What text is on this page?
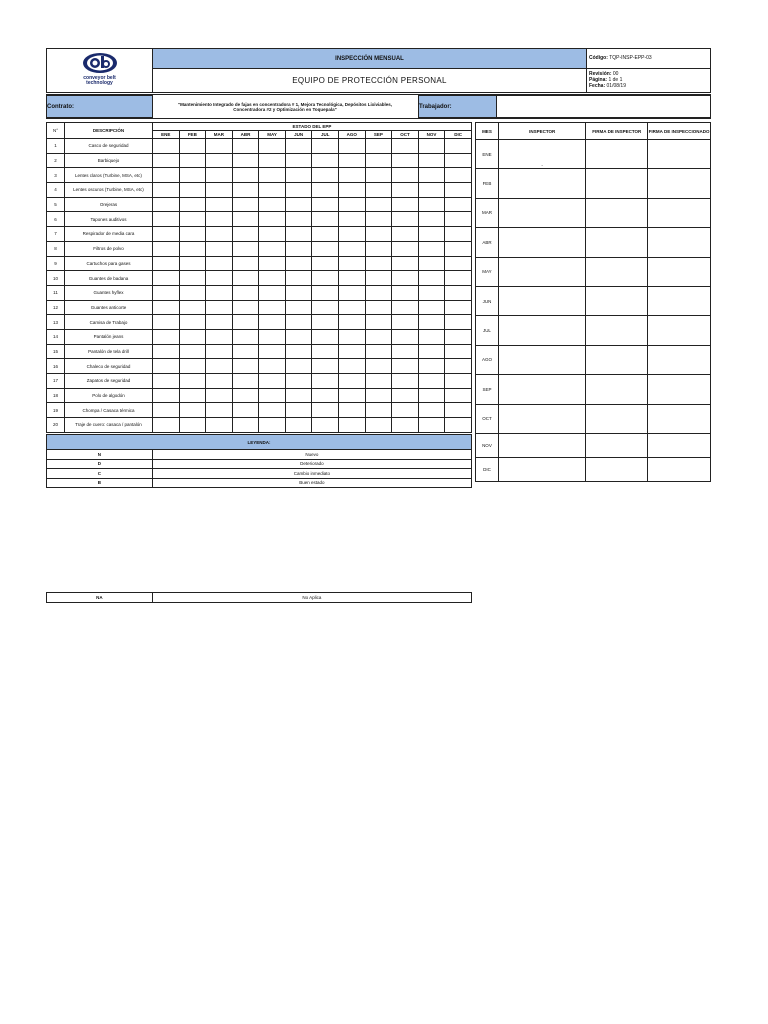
conveyor belt
technology
INSPECCIÓN MENSUAL
EQUIPO DE PROTECCIÓN PERSONAL
Código: TQP-INSP-EPP-03
Revisión: 00
Página: 1 de 1
Fecha: 01/08/19
Contrato:	"Mantenimiento Integrado de fajas en concentradora # 1, Mejora Tecnológica, Depósitos Lixiviables, Concentradora #2 y Optimización en Toquepala"	Trabajador:
N°	DESCRIPCIÓN	ESTADO DEL EPP											
		ENE	FEB	MAR	ABR	MAY	JUN	JUL	AGO	SEP	OCT	NOV	DIC
1	Casco de seguridad												
2	Barbiquejo												
3	Lentes claros (Turbine, MSA, etc)												
4	Lentes oscuros (Turbine, MSA, etc)												
5	Orejeras												
6	Tapones auditivos												
7	Respirador de media cara												
8	Filtros de polvo												
9	Cartuchos para gases												
10	Guantes de badana												
11	Guantes hyflex												
12	Guantes anticorte												
13	Camisa de Trabajo												
14	Pantalón jeans												
15	Pantalón de tela drill												
16	Chaleco de seguridad												
17	Zapatos de seguridad												
18	Polo de algodón												
19	Chompa / Casaca térmica												
20	Traje de cuero: casaca / pantalón												
LEYENDA:	
N	Nuevo
D	Deteriorado
C	Cambio inmediato
B	Buen estado
NA	No Aplica
MES	INSPECTOR	FIRMA DE INSPECTOR	FIRMA DE INSPECCIONADO
ENE	-		
FEB			
MAR			
ABR			
MAY			
JUN			
JUL			
AGO			
SEP			
OCT			
NOV			
DIC			
